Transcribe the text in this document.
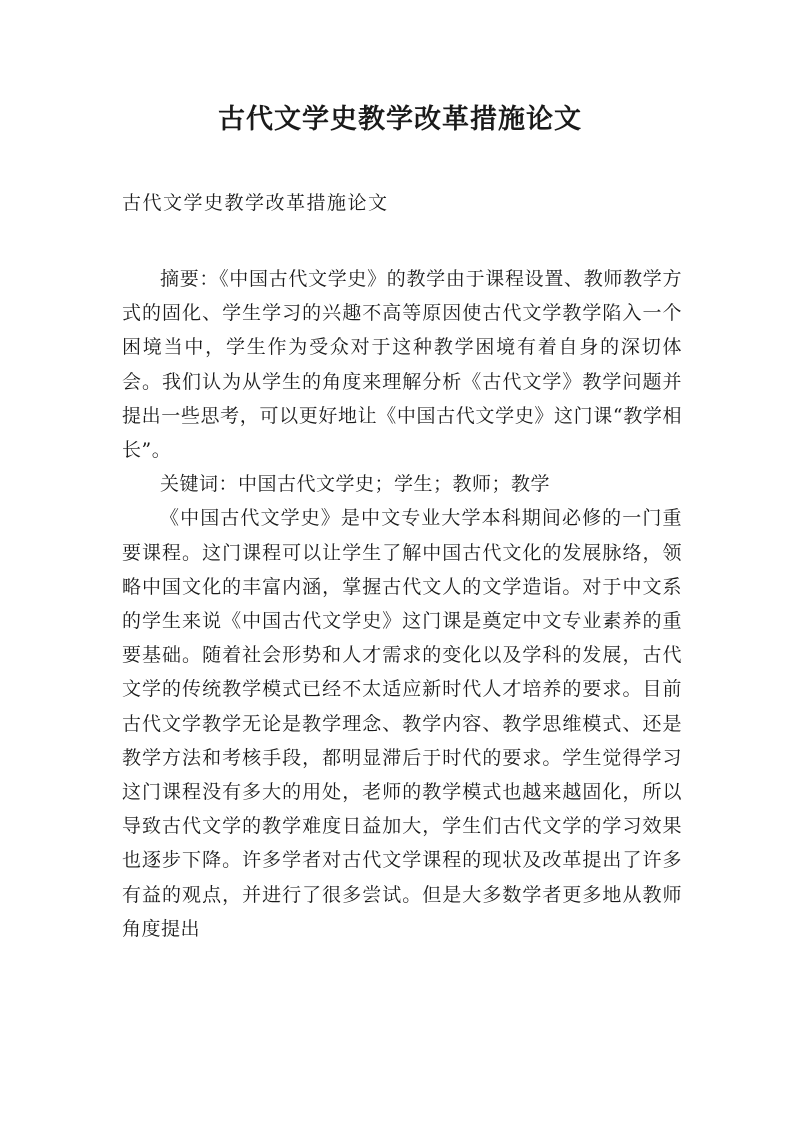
古代文学史教学改革措施论文
古代文学史教学改革措施论文

摘要：《中国古代文学史》的教学由于课程设置、教师教学方式的固化、学生学习的兴趣不高等原因使古代文学教学陷入一个困境当中，学生作为受众对于这种教学困境有着自身的深切体会。我们认为从学生的角度来理解分析《古代文学》教学问题并提出一些思考，可以更好地让《中国古代文学史》这门课“教学相长”。

关键词：中国古代文学史；学生；教师；教学

《中国古代文学史》是中文专业大学本科期间必修的一门重要课程。这门课程可以让学生了解中国古代文化的发展脉络，领略中国文化的丰富内涵，掌握古代文人的文学造诣。对于中文系的学生来说《中国古代文学史》这门课是奠定中文专业素养的重要基础。随着社会形势和人才需求的变化以及学科的发展，古代文学的传统教学模式已经不太适应新时代人才培养的要求。目前古代文学教学无论是教学理念、教学内容、教学思维模式、还是教学方法和考核手段，都明显滞后于时代的要求。学生觉得学习这门课程没有多大的用处，老师的教学模式也越来越固化，所以导致古代文学的教学难度日益加大，学生们古代文学的学习效果也逐步下降。许多学者对古代文学课程的现状及改革提出了许多有益的观点，并进行了很多尝试。但是大多数学者更多地从教师角度提出
